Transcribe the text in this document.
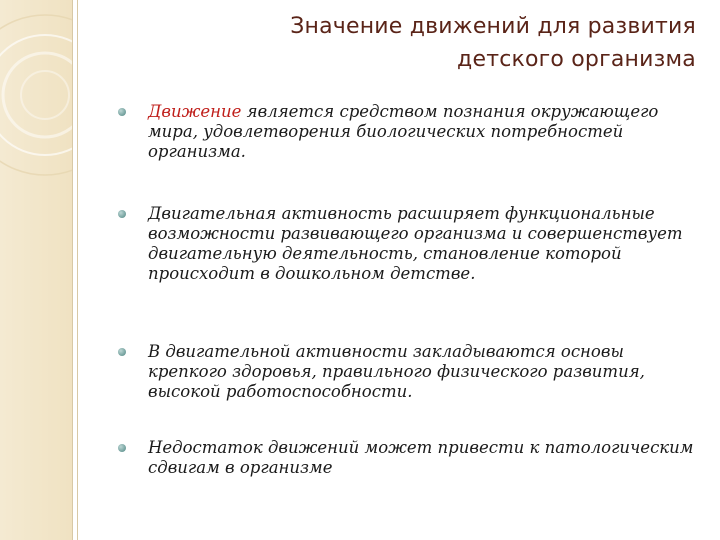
Значение движений для развития
детского организма
Движение является средством познания окружающего мира, удовлетворения биологических потребностей организма.
Двигательная активность расширяет функциональные возможности развивающего организма и совершенствует двигательную деятельность, становление которой происходит в дошкольном детстве.
В двигательной активности закладываются основы крепкого здоровья, правильного физического развития, высокой работоспособности.
Недостаток движений может привести к патологическим сдвигам в организме
